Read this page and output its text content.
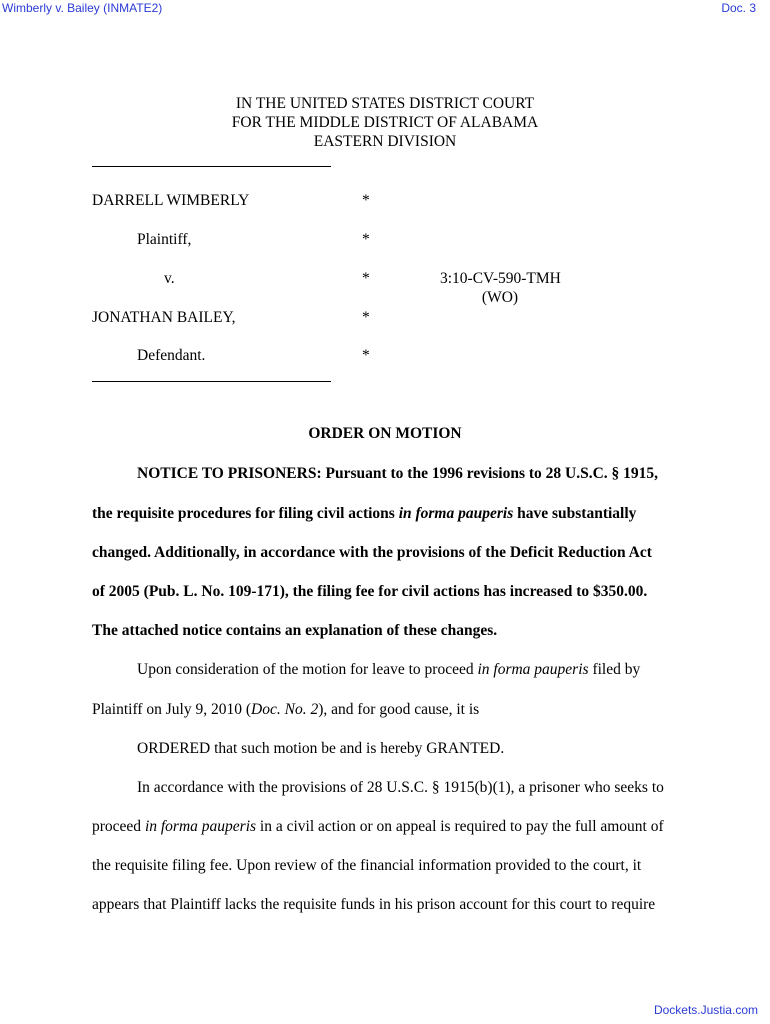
Wimberly v. Bailey (INMATE2)	Doc. 3
IN THE UNITED STATES DISTRICT COURT
FOR THE MIDDLE DISTRICT OF ALABAMA
EASTERN DIVISION
DARRELL WIMBERLY	*
Plaintiff,	*
v.	*	3:10-CV-590-TMH
(WO)
JONATHAN BAILEY,	*
Defendant.	*
ORDER ON MOTION
NOTICE TO PRISONERS: Pursuant to the 1996 revisions to 28 U.S.C. § 1915,
the requisite procedures for filing civil actions in forma pauperis have substantially
changed. Additionally, in accordance with the provisions of the Deficit Reduction Act
of 2005 (Pub. L. No. 109-171), the filing fee for civil actions has increased to $350.00.
The attached notice contains an explanation of these changes.
Upon consideration of the motion for leave to proceed in forma pauperis filed by
Plaintiff on July 9, 2010 (Doc. No. 2), and for good cause, it is
ORDERED that such motion be and is hereby GRANTED.
In accordance with the provisions of 28 U.S.C. § 1915(b)(1), a prisoner who seeks to
proceed in forma pauperis in a civil action or on appeal is required to pay the full amount of
the requisite filing fee. Upon review of the financial information provided to the court, it
appears that Plaintiff lacks the requisite funds in his prison account for this court to require
Dockets.Justia.com
